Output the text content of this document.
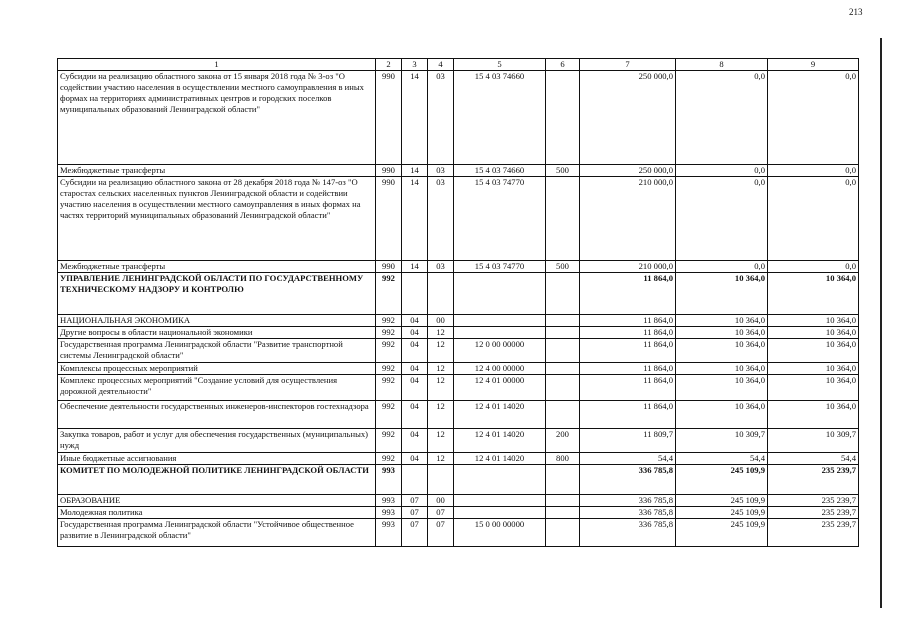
213
1	2	3	4	5	6	7	8	9
Субсидии на реализацию областного закона от 15 января 2018 года № 3-оз "О содействии участию населения в осуществлении местного самоуправления в иных формах на территориях административных центров и городских поселков муниципальных образований Ленинградской области"	990	14	03	15 4 03 74660		250 000,0	0,0	0,0
Межбюджетные трансферты	990	14	03	15 4 03 74660	500	250 000,0	0,0	0,0
Субсидии на реализацию областного закона от 28 декабря 2018 года № 147-оз "О старостах сельских населенных пунктов Ленинградской области и содействии участию населения в осуществлении местного самоуправления в иных формах на частях территорий муниципальных образований Ленинградской области"	990	14	03	15 4 03 74770		210 000,0	0,0	0,0
Межбюджетные трансферты	990	14	03	15 4 03 74770	500	210 000,0	0,0	0,0
УПРАВЛЕНИЕ ЛЕНИНГРАДСКОЙ ОБЛАСТИ ПО ГОСУДАРСТВЕННОМУ ТЕХНИЧЕСКОМУ НАДЗОРУ И КОНТРОЛЮ	992					11 864,0	10 364,0	10 364,0
НАЦИОНАЛЬНАЯ ЭКОНОМИКА	992	04	00			11 864,0	10 364,0	10 364,0
Другие вопросы в области национальной экономики	992	04	12			11 864,0	10 364,0	10 364,0
Государственная программа Ленинградской области "Развитие транспортной системы Ленинградской области"	992	04	12	12 0 00 00000		11 864,0	10 364,0	10 364,0
Комплексы процессных мероприятий	992	04	12	12 4 00 00000		11 864,0	10 364,0	10 364,0
Комплекс процессных мероприятий "Создание условий для осуществления дорожной деятельности"	992	04	12	12 4 01 00000		11 864,0	10 364,0	10 364,0
Обеспечение деятельности государственных инженеров-инспекторов гостехнадзора	992	04	12	12 4 01 14020		11 864,0	10 364,0	10 364,0
Закупка товаров, работ и услуг для обеспечения государственных (муниципальных) нужд	992	04	12	12 4 01 14020	200	11 809,7	10 309,7	10 309,7
Иные бюджетные ассигнования	992	04	12	12 4 01 14020	800	54,4	54,4	54,4
КОМИТЕТ ПО МОЛОДЕЖНОЙ ПОЛИТИКЕ ЛЕНИНГРАДСКОЙ ОБЛАСТИ	993					336 785,8	245 109,9	235 239,7
ОБРАЗОВАНИЕ	993	07	00			336 785,8	245 109,9	235 239,7
Молодежная политика	993	07	07			336 785,8	245 109,9	235 239,7
Государственная программа Ленинградской области "Устойчивое общественное развитие в Ленинградской области"	993	07	07	15 0 00 00000		336 785,8	245 109,9	235 239,7
